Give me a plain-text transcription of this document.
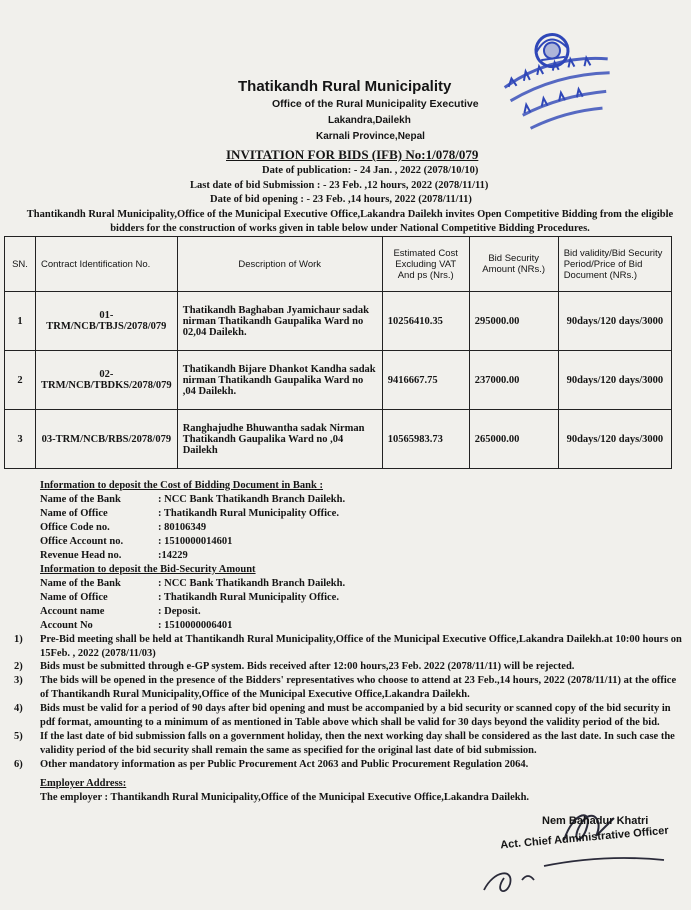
Thatikandh Rural Municipality
Office of the Rural Municipality Executive
Lakandra,Dailekh
Karnali Province,Nepal
INVITATION FOR BIDS (IFB) No:1/078/079
Date of publication: - 24 Jan. , 2022 (2078/10/10)
Last date of bid Submission : - 23 Feb. ,12 hours, 2022 (2078/11/11)
Date of bid opening : - 23 Feb. ,14 hours, 2022 (2078/11/11)
Thantikandh Rural Municipality,Office of the Municipal Executive Office,Lakandra Dailekh invites Open Competitive Bidding from the eligible bidders for the construction of works given in table below under National Competitive Bidding Procedures.
SN.	Contract Identification No.	Description of Work	Estimated Cost Excluding VAT And ps (Nrs.)	Bid Security Amount (NRs.)	Bid validity/Bid Security Period/Price of Bid Document (NRs.)
1	01-TRM/NCB/TBJS/2078/079	Thatikandh Baghaban Jyamichaur sadak nirman Thatikandh Gaupalika Ward no 02,04 Dailekh.	10256410.35	295000.00	90days/120 days/3000
2	02-TRM/NCB/TBDKS/2078/079	Thatikandh Bijare Dhankot Kandha sadak nirman Thatikandh Gaupalika Ward no ,04 Dailekh.	9416667.75	237000.00	90days/120 days/3000
3	03-TRM/NCB/RBS/2078/079	Ranghajudhe Bhuwantha sadak Nirman Thatikandh Gaupalika Ward no ,04 Dailekh	10565983.73	265000.00	90days/120 days/3000
Information to deposit the Cost of Bidding Document in Bank :
Name of the Bank	: NCC Bank Thatikandh Branch Dailekh.
Name of Office	: Thatikandh Rural Municipality Office.
Office Code no.	: 80106349
Office Account no.	: 1510000014601
Revenue Head no.	:14229
Information to deposit the Bid-Security Amount
Name of the Bank	: NCC Bank Thatikandh Branch Dailekh.
Name of Office	: Thatikandh Rural Municipality Office.
Account name	: Deposit.
Account No	: 1510000006401
1) Pre-Bid meeting shall be held at Thantikandh Rural Municipality,Office of the Municipal Executive Office,Lakandra Dailekh.at 10:00 hours on 15Feb. , 2022 (2078/11/03)
2) Bids must be submitted through e-GP system. Bids received after 12:00 hours,23 Feb. 2022 (2078/11/11) will be rejected.
3) The bids will be opened in the presence of the Bidders' representatives who choose to attend at 23 Feb.,14 hours, 2022 (2078/11/11) at the office of Thantikandh Rural Municipality,Office of the Municipal Executive Office,Lakandra Dailekh.
4) Bids must be valid for a period of 90 days after bid opening and must be accompanied by a bid security or scanned copy of the bid security in pdf format, amounting to a minimum of as mentioned in Table above which shall be valid for 30 days beyond the validity period of the bid.
5) If the last date of bid submission falls on a government holiday, then the next working day shall be considered as the last date. In such case the validity period of the bid security shall remain the same as specified for the original last date of bid submission.
6) Other mandatory information as per Public Procurement Act 2063 and Public Procurement Regulation 2064.
Employer Address:
The employer : Thantikandh Rural Municipality,Office of the Municipal Executive Office,Lakandra Dailekh.
Nem Bahadur Khatri
Act. Chief Administrative Officer
